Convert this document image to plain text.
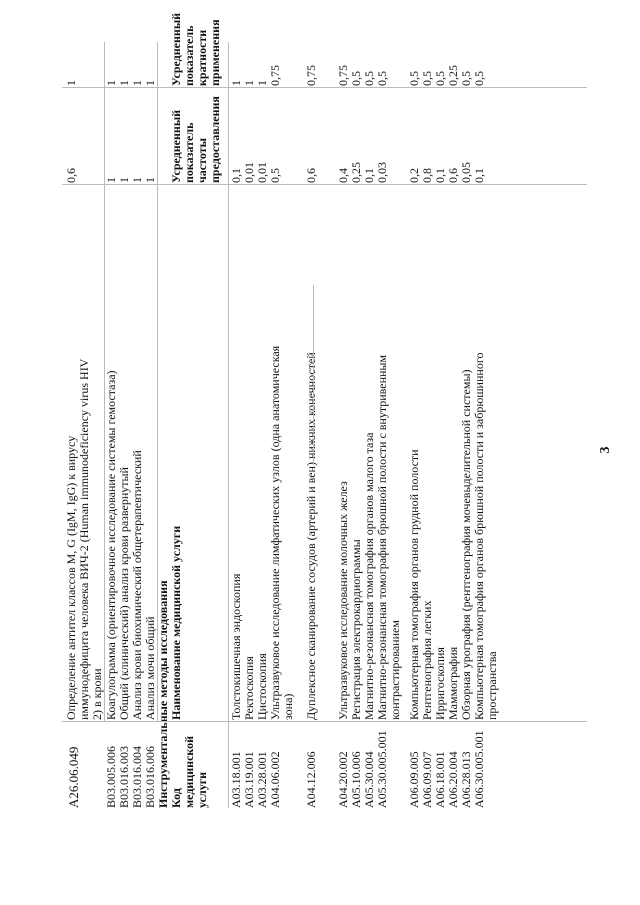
3
A26.06.049
Определение антител классов M, G (IgM, IgG) к вирусу иммунодефицита человека ВИЧ-2 (Human immunodeficiency virus HIV 2) в крови
0,6
1
B03.005.006
Коагулограмма (ориентировочное исследование системы гемостаза)
1
1
B03.016.003
Общий (клинический) анализ крови развернутый
1
1
B03.016.004
Анализ крови биохимический общетерапевтический
1
1
B03.016.006
Анализ мочи общий
1
1
Инструментальные методы исследования Код медицинской услуги
Наименование медицинской услуги
Усредненный показатель частоты предоставления
Усредненный показатель кратности применения
A03.18.001
Толстокишечная эндоскопия
0,1
1
A03.19.001
Ректоскопия
0,01
1
A03.28.001
Цистоскопия
0,01
1
A04.06.002
Ультразвуковое исследование лимфатических узлов (одна анатомическая зона)
0,5
0,75
A04.12.006
Дуплексное сканирование сосудов (артерий и вен) нижних конечностей
0,6
0,75
A04.20.002
Ультразвуковое исследование молочных желез
0,4
0,75
A05.10.006
Регистрация электрокардиограммы
0,25
0,5
A05.30.004
Магнитно-резонансная томография органов малого таза
0,1
0,5
A05.30.005.001
Магнитно-резонансная томография брюшной полости с внутривенным контрастированием
0,03
0,5
A06.09.005
Компьютерная томография органов грудной полости
0,2
0,5
A06.09.007
Рентгенография легких
0,8
0,5
A06.18.001
Ирригоскопия
0,1
0,5
A06.20.004
Маммография
0,6
0,25
A06.28.013
Обзорная урография (рентгенография мочевыделительной системы)
0,05
0,5
A06.30.005.001
Компьютерная томография органов брюшной полости и забрюшинного пространства
0,1
0,5
